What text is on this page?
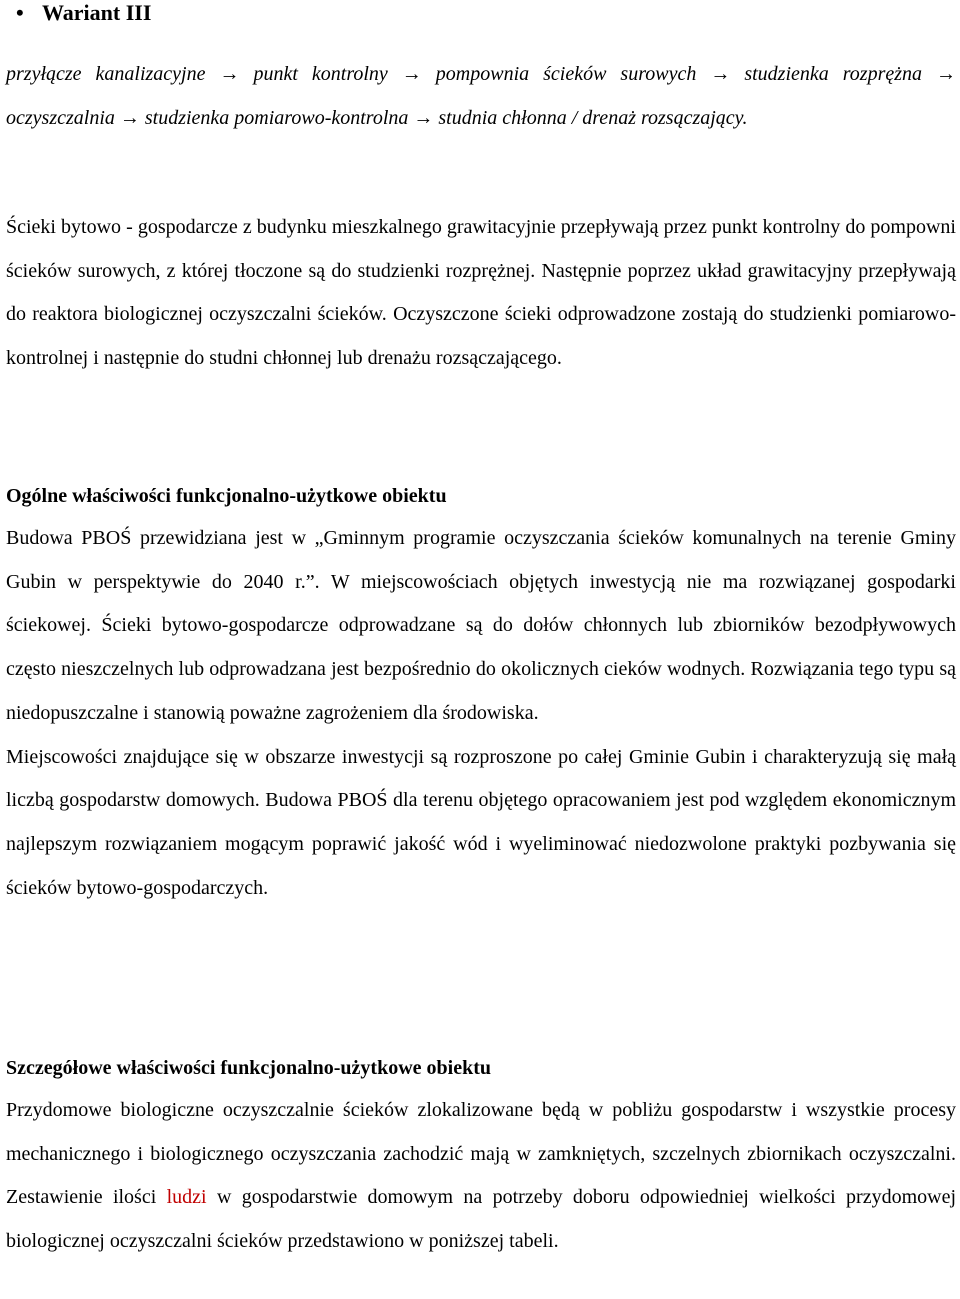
• Wariant III

przyłącze kanalizacyjne → punkt kontrolny → pompownia ścieków surowych → studzienka rozprężna → oczyszczalnia → studzienka pomiarowo-kontrolna → studnia chłonna / drenaż rozsączający.

Ścieki bytowo - gospodarcze z budynku mieszkalnego grawitacyjnie przepływają przez punkt kontrolny do pompowni ścieków surowych, z której tłoczone są do studzienki rozprężnej. Następnie poprzez układ grawitacyjny przepływają do reaktora biologicznej oczyszczalni ścieków. Oczyszczone ścieki odprowadzone zostają do studzienki pomiarowo-kontrolnej i następnie do studni chłonnej lub drenażu rozsączającego.

Ogólne właściwości funkcjonalno-użytkowe obiektu

Budowa PBOŚ przewidziana jest w „Gminnym programie oczyszczania ścieków komunalnych na terenie Gminy Gubin w perspektywie do 2040 r.”. W miejscowościach objętych inwestycją nie ma rozwiązanej gospodarki ściekowej. Ścieki bytowo-gospodarcze odprowadzane są do dołów chłonnych lub zbiorników bezodpływowych często nieszczelnych lub odprowadzana jest bezpośrednio do okolicznych cieków wodnych. Rozwiązania tego typu są niedopuszczalne i stanowią poważne zagrożeniem dla środowiska.
Miejscowości znajdujące się w obszarze inwestycji są rozproszone po całej Gminie Gubin i charakteryzują się małą liczbą gospodarstw domowych. Budowa PBOŚ dla terenu objętego opracowaniem jest pod względem ekonomicznym najlepszym rozwiązaniem mogącym poprawić jakość wód i wyeliminować niedozwolone praktyki pozbywania się ścieków bytowo-gospodarczych.

Szczegółowe właściwości funkcjonalno-użytkowe obiektu

Przydomowe biologiczne oczyszczalnie ścieków zlokalizowane będą w pobliżu gospodarstw i wszystkie procesy mechanicznego i biologicznego oczyszczania zachodzić mają w zamkniętych, szczelnych zbiornikach oczyszczalni. Zestawienie ilości ludzi w gospodarstwie domowym na potrzeby doboru odpowiedniej wielkości przydomowej biologicznej oczyszczalni ścieków przedstawiono w poniższej tabeli.
